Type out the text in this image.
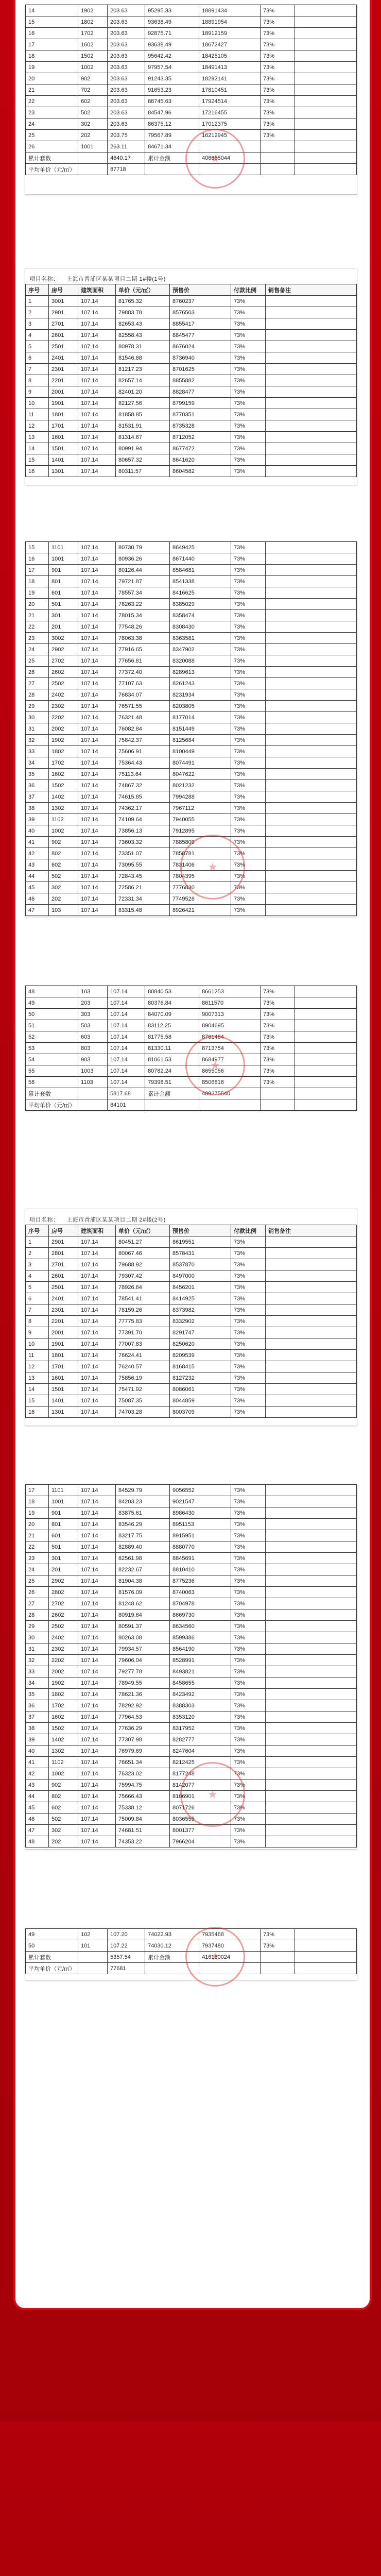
14	1902	203.63	95295.33	18891434	73%	
15	1802	203.63	93638.49	18891954	73%	
16	1702	203.63	92875.71	18912159	73%	
17	1602	203.63	93638.49	18672427	73%	
18	1502	203.63	95642.42	18425105	73%	
19	1002	203.63	97957.54	18491413	73%	
20	902	203.63	91243.35	18292141	73%	
21	702	203.63	91653.23	17810451	73%	
22	602	203.63	88745.63	17924514	73%	
23	502	203.63	84547.96	17216455	73%	
24	302	203.63	86375.12	17012375	73%	
25	202	203.75	79567.89	16212945	73%	
26	1001	263.11	84671.34			
累计套数		4640.17	累计金额	406865044		
平均单价（元/㎡）		87718				
项目名称： 上海市青浦区某某项目二期 1#楼(1号)
序号	房号	建筑面积	单价（元/㎡）	预售价	付款比例	销售备注
1	3001	107.14	81765.32	8760237	73%	
2	2901	107.14	79883.78	8576503	73%	
3	2701	107.14	82653.43	8855417	73%	
4	2601	107.14	82558.43	8845477	73%	
5	2501	107.14	80978.31	8676024	73%	
6	2401	107.14	81546.88	8736940	73%	
7	2301	107.14	81217.23	8701625	73%	
8	2201	107.14	82657.14	8855882	73%	
9	2001	107.14	82401.20	8828477	73%	
10	1901	107.14	82127.56	8799159	73%	
11	1801	107.14	81858.85	8770351	73%	
12	1701	107.14	81531.91	8735328	73%	
13	1601	107.14	81314.67	8712052	73%	
14	1501	107.14	80991.94	8677472	73%	
15	1401	107.14	80657.32	8641620	73%	
16	1301	107.14	80311.57	8604582	73%	
15	1101	107.14	80730.79	8649425	73%	
16	1001	107.14	80936.26	8671440	73%	
17	901	107.14	80126.44	8584681	73%	
18	801	107.14	79721.87	8541338	73%	
19	601	107.14	78557.34	8416625	73%	
20	501	107.14	78263.22	8385029	73%	
21	301	107.14	78015.34	8358474	73%	
22	201	107.14	77548.26	8308430	73%	
23	3002	107.14	78063.38	8363581	73%	
24	2902	107.14	77916.65	8347902	73%	
25	2702	107.14	77656.81	8320088	73%	
26	2602	107.14	77372.40	8289613	73%	
27	2502	107.14	77107.63	8261243	73%	
28	2402	107.14	76834.07	8231934	73%	
29	2302	107.14	76571.55	8203805	73%	
30	2202	107.14	76321.48	8177014	73%	
31	2002	107.14	76082.84	8151449	73%	
32	1902	107.14	75842.37	8125684	73%	
33	1802	107.14	75606.91	8100449	73%	
34	1702	107.14	75364.43	8074491	73%	
35	1602	107.14	75113.64	8047622	73%	
36	1502	107.14	74867.32	8021232	73%	
37	1402	107.14	74615.85	7994288	73%	
38	1302	107.14	74362.17	7967112	73%	
39	1102	107.14	74109.64	7940055	73%	
40	1002	107.14	73856.13	7912895	73%	
41	902	107.14	73603.32	7885809	73%	
42	802	107.14	73351.07	7858781	73%	
43	602	107.14	73095.55	7831406	73%	
44	502	107.14	72843.45	7804395	73%	
45	302	107.14	72586.21	7776830	73%	
46	202	107.14	72331.34	7749526	73%	
47	103	107.14	83315.48	8926421	73%	
48	103	107.14	80840.53	8661253	73%	
49	203	107.14	80376.84	8611570	73%	
50	303	107.14	84070.09	9007313	73%	
51	503	107.14	83112.25	8904695	73%	
52	603	107.14	81775.58	8761484	73%	
53	803	107.14	81330.11	8713754	73%	
54	903	107.14	81061.53	8684977	73%	
55	1003	107.14	80782.24	8655056	73%	
56	1103	107.14	79398.51	8506816	73%	
累计套数		5817.68	累计金额	489275540		
平均单价（元/㎡）		84101				
项目名称： 上海市青浦区某某项目二期 2#楼(2号)
序号	房号	建筑面积	单价（元/㎡）	预售价	付款比例	销售备注
1	2901	107.14	80451.27	8619551	73%	
2	2801	107.14	80067.46	8578431	73%	
3	2701	107.14	79688.92	8537870	73%	
4	2601	107.14	79307.42	8497000	73%	
5	2501	107.14	78926.64	8456201	73%	
6	2401	107.14	78541.41	8414925	73%	
7	2301	107.14	78159.26	8373982	73%	
8	2201	107.14	77775.83	8332902	73%	
9	2001	107.14	77391.70	8291747	73%	
10	1901	107.14	77007.83	8250620	73%	
11	1801	107.14	76624.41	8209539	73%	
12	1701	107.14	76240.57	8168415	73%	
13	1601	107.14	75856.19	8127232	73%	
14	1501	107.14	75471.92	8086061	73%	
15	1401	107.14	75087.35	8044859	73%	
16	1301	107.14	74703.28	8003709	73%	
17	1101	107.14	84529.79	9056552	73%	
18	1001	107.14	84203.23	9021547	73%	
19	901	107.14	83875.61	8986430	73%	
20	801	107.14	83546.29	8951153	73%	
21	601	107.14	83217.75	8915951	73%	
22	501	107.14	82889.40	8880770	73%	
23	301	107.14	82561.98	8845691	73%	
24	201	107.14	82232.67	8810410	73%	
25	2902	107.14	81904.38	8775236	73%	
26	2802	107.14	81576.09	8740063	73%	
27	2702	107.14	81248.62	8704978	73%	
28	2602	107.14	80919.64	8669730	73%	
29	2502	107.14	80591.37	8634560	73%	
30	2402	107.14	80263.08	8599386	73%	
31	2302	107.14	79934.57	8564190	73%	
32	2202	107.14	79606.04	8528991	73%	
33	2002	107.14	79277.78	8493821	73%	
34	1902	107.14	78949.55	8458655	73%	
35	1802	107.14	78621.36	8423492	73%	
36	1702	107.14	78292.92	8388303	73%	
37	1602	107.14	77964.53	8353120	73%	
38	1502	107.14	77636.29	8317952	73%	
39	1402	107.14	77307.98	8282777	73%	
40	1302	107.14	76979.69	8247604	73%	
41	1102	107.14	76651.34	8212425	73%	
42	1002	107.14	76323.02	8177248	73%	
43	902	107.14	75994.75	8142077	73%	
44	802	107.14	75666.43	8106901	73%	
45	602	107.14	75338.12	8071726	73%	
46	502	107.14	75009.84	8036555	73%	
47	302	107.14	74681.51	8001377	73%	
48	202	107.14	74353.22	7966204	73%	
49	102	107.20	74022.93	7935468	73%	
50	101	107.22	74030.12	7937480	73%	
累计套数		5357.54	累计金额	416180024		
平均单价（元/㎡）		77681				
